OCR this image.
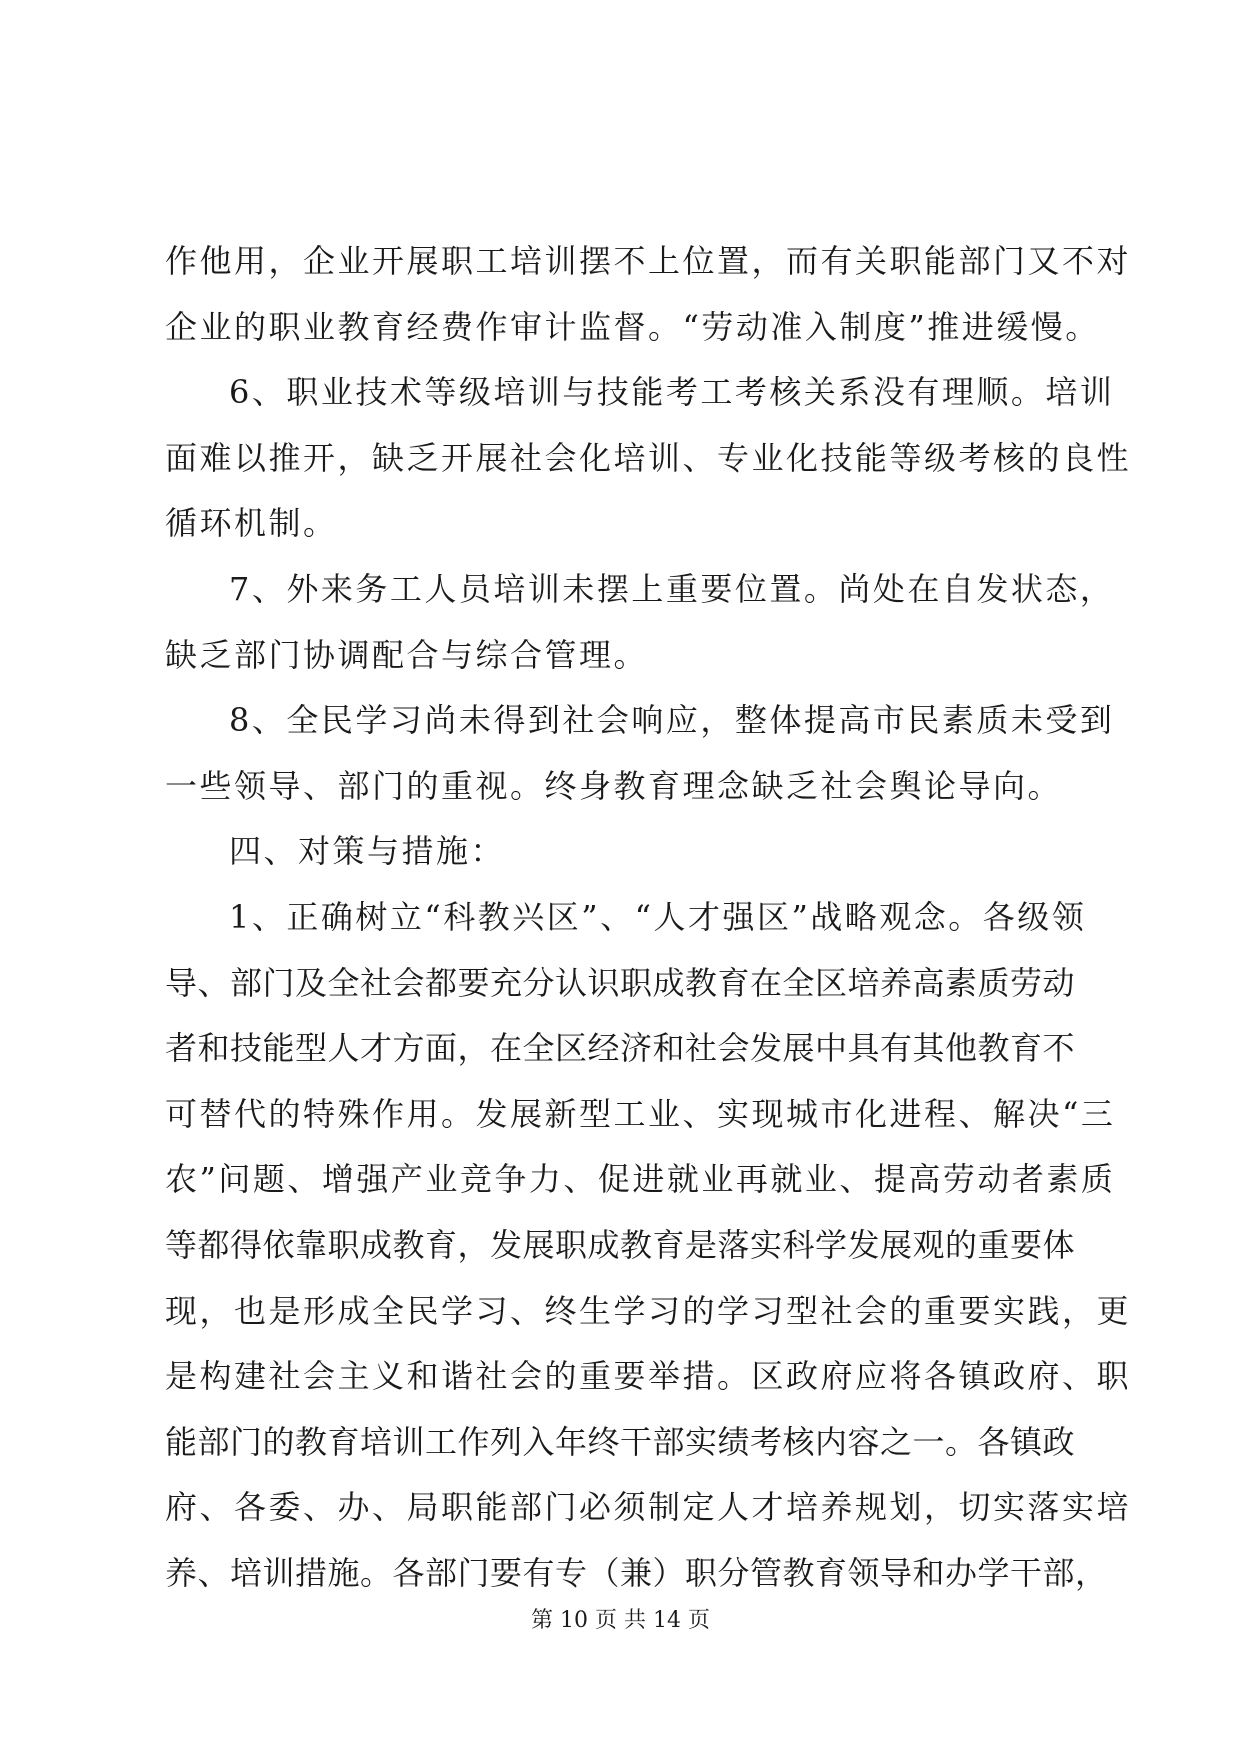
作他用，企业开展职工培训摆不上位置，而有关职能部门又不对
企业的职业教育经费作审计监督。“劳动准入制度”推进缓慢。
6、职业技术等级培训与技能考工考核关系没有理顺。培训
面难以推开，缺乏开展社会化培训、专业化技能等级考核的良性
循环机制。
7、外来务工人员培训未摆上重要位置。尚处在自发状态，
缺乏部门协调配合与综合管理。
8、全民学习尚未得到社会响应，整体提高市民素质未受到
一些领导、部门的重视。终身教育理念缺乏社会舆论导向。
四、对策与措施：
1、正确树立“科教兴区”、“人才强区”战略观念。各级领
导、部门及全社会都要充分认识职成教育在全区培养高素质劳动
者和技能型人才方面，在全区经济和社会发展中具有其他教育不
可替代的特殊作用。发展新型工业、实现城市化进程、解决“三
农”问题、增强产业竞争力、促进就业再就业、提高劳动者素质
等都得依靠职成教育，发展职成教育是落实科学发展观的重要体
现，也是形成全民学习、终生学习的学习型社会的重要实践，更
是构建社会主义和谐社会的重要举措。区政府应将各镇政府、职
能部门的教育培训工作列入年终干部实绩考核内容之一。各镇政
府、各委、办、局职能部门必须制定人才培养规划，切实落实培
养、培训措施。各部门要有专（兼）职分管教育领导和办学干部，
第 10 页 共 14 页
